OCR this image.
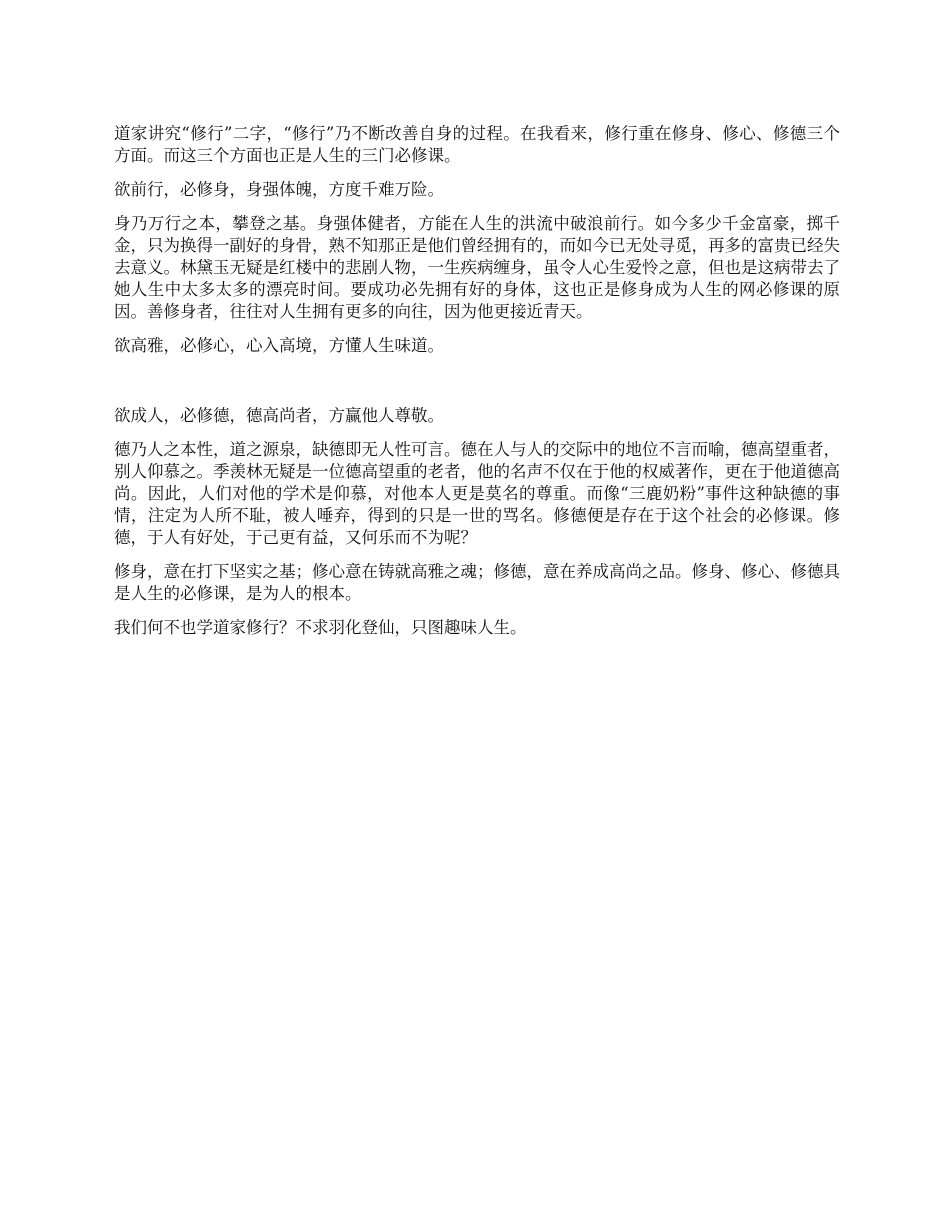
道家讲究“修行”二字，“修行”乃不断改善自身的过程。在我看来，修行重在修身、修心、修德三个方面。而这三个方面也正是人生的三门必修课。

欲前行，必修身，身强体魄，方度千难万险。

身乃万行之本，攀登之基。身强体健者，方能在人生的洪流中破浪前行。如今多少千金富豪，掷千金，只为换得一副好的身骨，熟不知那正是他们曾经拥有的，而如今已无处寻觅，再多的富贵已经失去意义。林黛玉无疑是红楼中的悲剧人物，一生疾病缠身，虽令人心生爱怜之意，但也是这病带去了她人生中太多太多的漂亮时间。要成功必先拥有好的身体，这也正是修身成为人生的网必修课的原因。善修身者，往往对人生拥有更多的向往，因为他更接近青天。

欲高雅，必修心，心入高境，方懂人生味道。

欲成人，必修德，德高尚者，方赢他人尊敬。

德乃人之本性，道之源泉，缺德即无人性可言。德在人与人的交际中的地位不言而喻，德高望重者，别人仰慕之。季羡林无疑是一位德高望重的老者，他的名声不仅在于他的权威著作，更在于他道德高尚。因此，人们对他的学术是仰慕，对他本人更是莫名的尊重。而像“三鹿奶粉”事件这种缺德的事情，注定为人所不耻，被人唾弃，得到的只是一世的骂名。修德便是存在于这个社会的必修课。修德，于人有好处，于己更有益，又何乐而不为呢？

修身，意在打下坚实之基；修心意在铸就高雅之魂；修德，意在养成高尚之品。修身、修心、修德具是人生的必修课，是为人的根本。

我们何不也学道家修行？不求羽化登仙，只图趣味人生。
